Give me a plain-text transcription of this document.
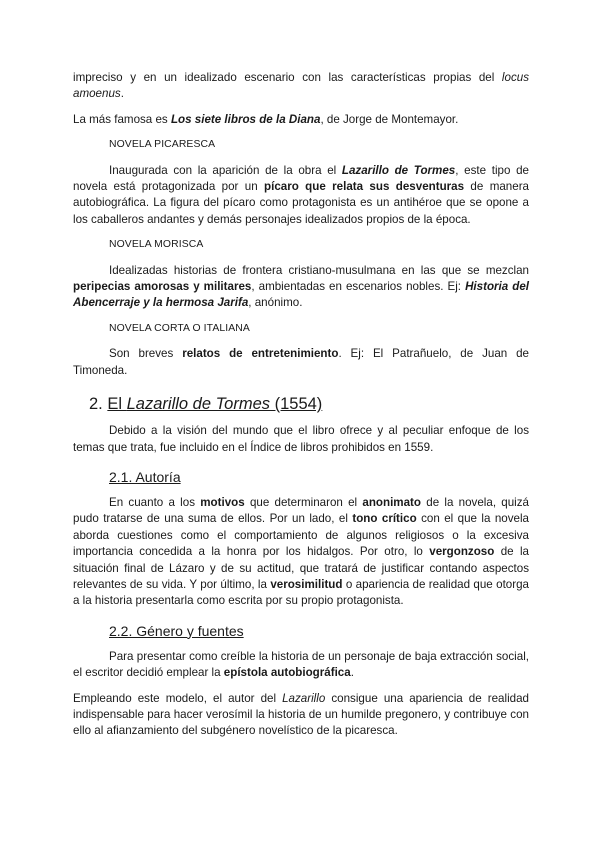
impreciso y en un idealizado escenario con las características propias del locus amoenus.

La más famosa es Los siete libros de la Diana, de Jorge de Montemayor.

NOVELA PICARESCA

Inaugurada con la aparición de la obra el Lazarillo de Tormes, este tipo de novela está protagonizada por un pícaro que relata sus desventuras de manera autobiográfica. La figura del pícaro como protagonista es un antihéroe que se opone a los caballeros andantes y demás personajes idealizados propios de la época.

NOVELA MORISCA

Idealizadas historias de frontera cristiano-musulmana en las que se mezclan peripecias amorosas y militares, ambientadas en escenarios nobles. Ej: Historia del Abencerraje y la hermosa Jarifa, anónimo.

NOVELA CORTA O ITALIANA

Son breves relatos de entretenimiento. Ej: El Patrañuelo, de Juan de Timoneda.

2. El Lazarillo de Tormes (1554)

Debido a la visión del mundo que el libro ofrece y al peculiar enfoque de los temas que trata, fue incluido en el Índice de libros prohibidos en 1559.

2.1. Autoría

En cuanto a los motivos que determinaron el anonimato de la novela, quizá pudo tratarse de una suma de ellos. Por un lado, el tono crítico con el que la novela aborda cuestiones como el comportamiento de algunos religiosos o la excesiva importancia concedida a la honra por los hidalgos. Por otro, lo vergonzoso de la situación final de Lázaro y de su actitud, que tratará de justificar contando aspectos relevantes de su vida. Y por último, la verosimilitud o apariencia de realidad que otorga a la historia presentarla como escrita por su propio protagonista.

2.2. Género y fuentes

Para presentar como creíble la historia de un personaje de baja extracción social, el escritor decidió emplear la epístola autobiográfica.

Empleando este modelo, el autor del Lazarillo consigue una apariencia de realidad indispensable para hacer verosímil la historia de un humilde pregonero, y contribuye con ello al afianzamiento del subgénero novelístico de la picaresca.
